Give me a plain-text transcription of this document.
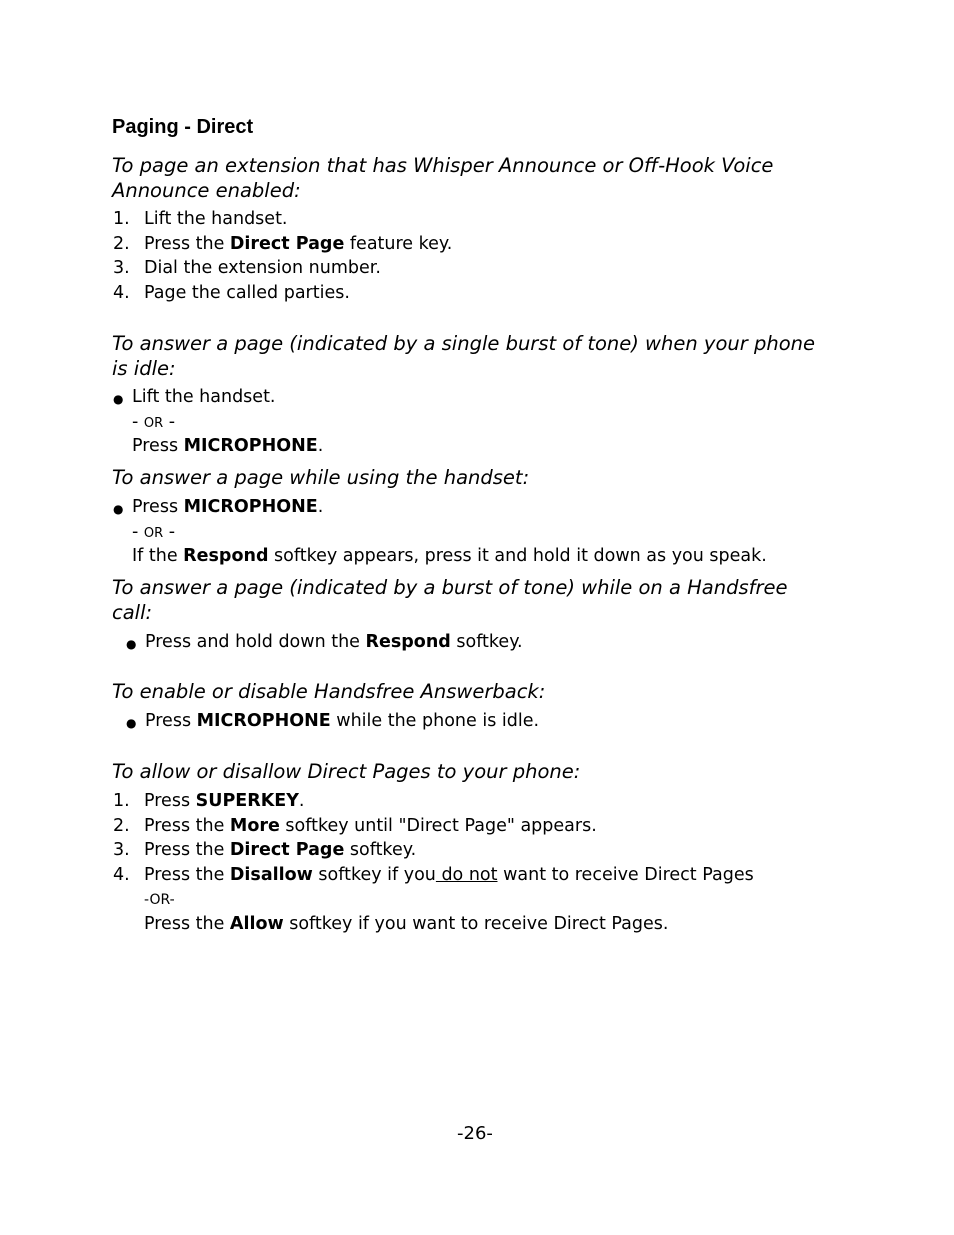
Paging - Direct
To page an extension that has Whisper Announce or Off-Hook Voice Announce enabled:
1. Lift the handset.
2. Press the Direct Page feature key.
3. Dial the extension number.
4. Page the called parties.
To answer a page (indicated by a single burst of tone) when your phone is idle:
● Lift the handset.
- OR -
Press MICROPHONE.
To answer a page while using the handset:
● Press MICROPHONE.
- OR -
If the Respond softkey appears, press it and hold it down as you speak.
To answer a page (indicated by a burst of tone) while on a Handsfree call:
● Press and hold down the Respond softkey.
To enable or disable Handsfree Answerback:
● Press MICROPHONE while the phone is idle.
To allow or disallow Direct Pages to your phone:
1. Press SUPERKEY.
2. Press the More softkey until "Direct Page" appears.
3. Press the Direct Page softkey.
4. Press the Disallow softkey if you do not want to receive Direct Pages
-OR-
Press the Allow softkey if you want to receive Direct Pages.
-26-
